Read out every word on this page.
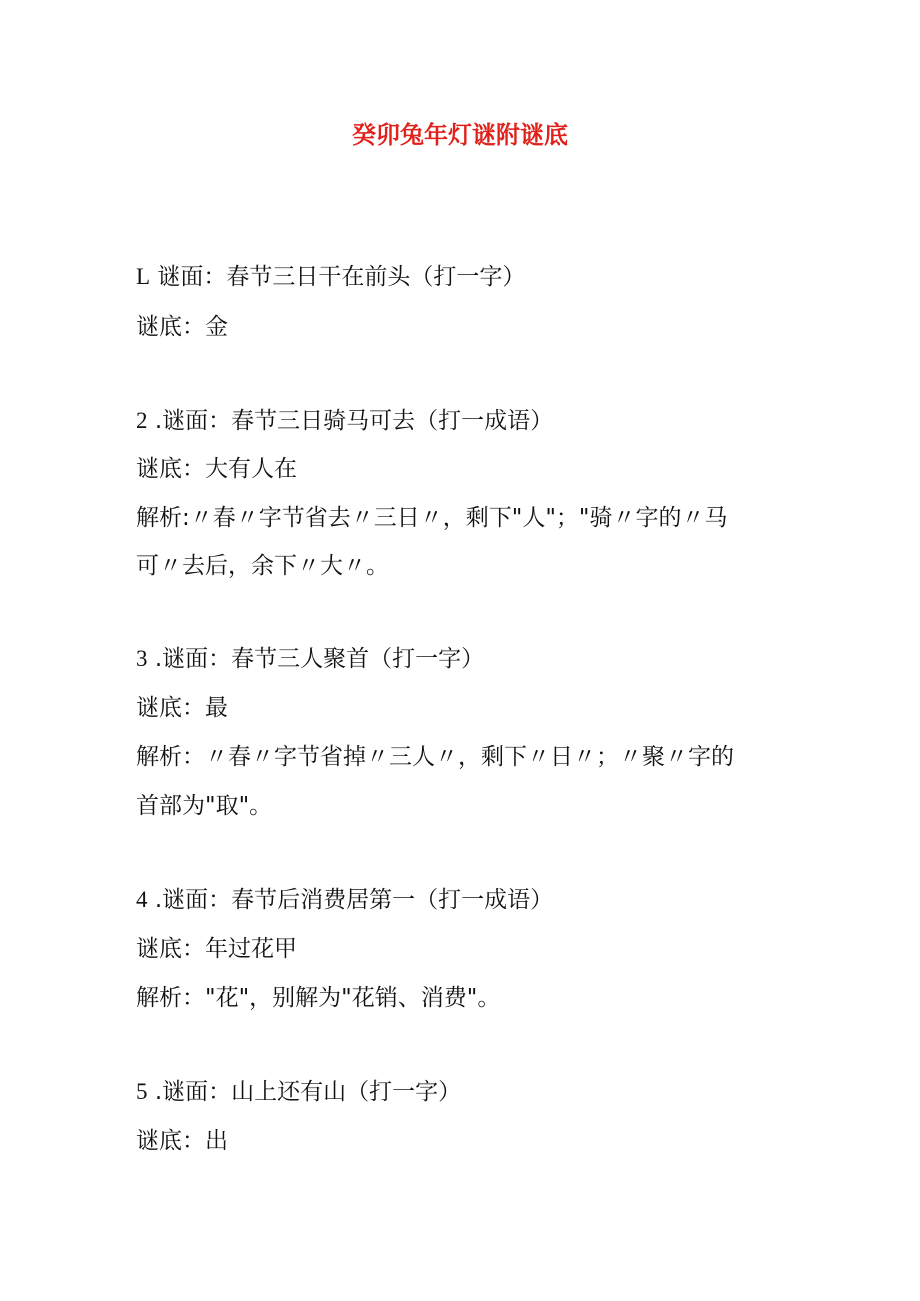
癸卯兔年灯谜附谜底
L 谜面：春节三日干在前头（打一字）
谜底：金
2 .谜面：春节三日骑马可去（打一成语）
谜底：大有人在
解析:〃春〃字节省去〃三日〃，剩下"人"；"骑〃字的〃马
可〃去后，余下〃大〃。
3 .谜面：春节三人聚首（打一字）
谜底：最
解析：〃春〃字节省掉〃三人〃，剩下〃日〃；〃聚〃字的
首部为"取"。
4 .谜面：春节后消费居第一（打一成语）
谜底：年过花甲
解析："花"，别解为"花销、消费"。
5 .谜面：山上还有山（打一字）
谜底：出
